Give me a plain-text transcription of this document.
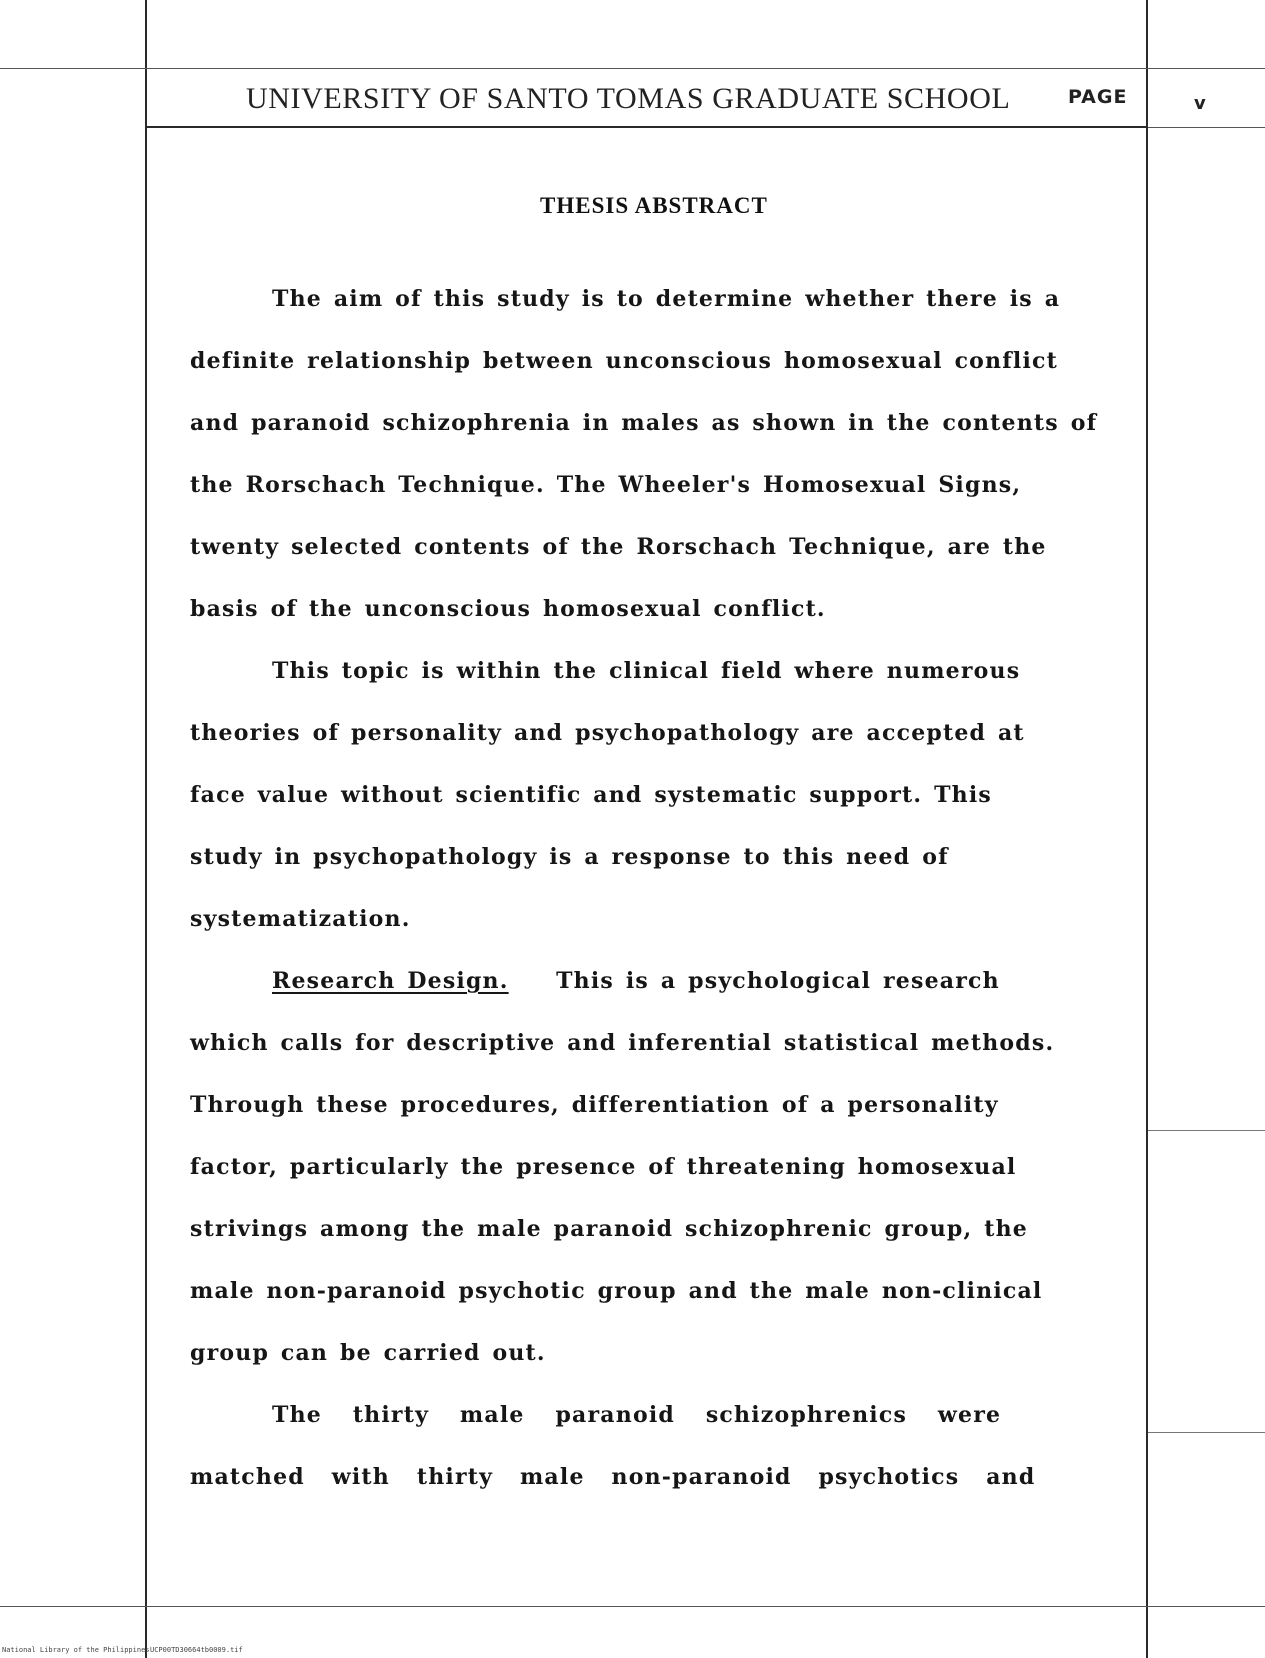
UNIVERSITY OF SANTO TOMAS GRADUATE SCHOOL	PAGE	v
THESIS ABSTRACT
The aim of this study is to determine whether there is a
definite relationship between unconscious homosexual conflict
and paranoid schizophrenia in males as shown in the contents of
the Rorschach Technique. The Wheeler's Homosexual Signs,
twenty selected contents of the Rorschach Technique, are the
basis of the unconscious homosexual conflict.
This topic is within the clinical field where numerous
theories of personality and psychopathology are accepted at
face value without scientific and systematic support. This
study in psychopathology is a response to this need of
systematization.
Research Design. This is a psychological research
which calls for descriptive and inferential statistical methods.
Through these procedures, differentiation of a personality
factor, particularly the presence of threatening homosexual
strivings among the male paranoid schizophrenic group, the
male non-paranoid psychotic group and the male non-clinical
group can be carried out.
The thirty male paranoid schizophrenics were
matched with thirty male non-paranoid psychotics and
National Library of the Philippines UCP00TD30664tb0009.tif
